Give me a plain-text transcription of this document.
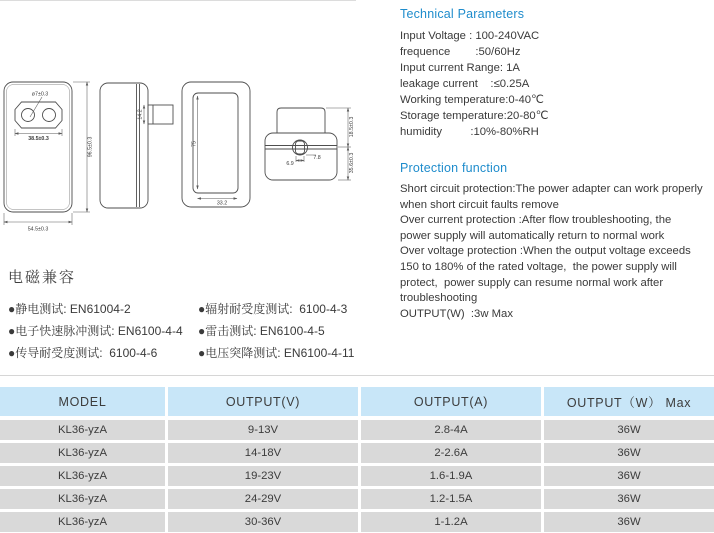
ø7±0.3
38.5±0.3	96.5±0.3
54.5±0.3
14.2
75
33.2
6.9
7.8
18.5±0.3
35.6±0.3
Technical Parameters
Input Voltage : 100-240VAC
frequence        :50/60Hz
Input current Range: 1A
leakage current    :≤0.25A
Working temperature:0-40℃
Storage temperature:20-80℃
humidity         :10%-80%RH
Protection function
Short circuit protection:The power adapter can work properly
when short circuit faults remove
Over current protection :After flow troubleshooting, the
power supply will automatically return to normal work
Over voltage protection :When the output voltage exceeds
150 to 180% of the rated voltage,  the power supply will
protect,  power supply can resume normal work after
troubleshooting
OUTPUT(W)  :3w Max
电磁兼容
●静电测试: EN61004-2
●电子快速脉冲测试: EN6100-4-4
●传导耐受度测试:  6100-4-6
●辐射耐受度测试:  6100-4-3
●雷击测试: EN6100-4-5
●电压突降测试: EN6100-4-11
MODEL	OUTPUT(V)	OUTPUT(A)	OUTPUT（W） Max
KL36-yzA	9-13V	2.8-4A	36W
KL36-yzA	14-18V	2-2.6A	36W
KL36-yzA	19-23V	1.6-1.9A	36W
KL36-yzA	24-29V	1.2-1.5A	36W
KL36-yzA	30-36V	1-1.2A	36W
